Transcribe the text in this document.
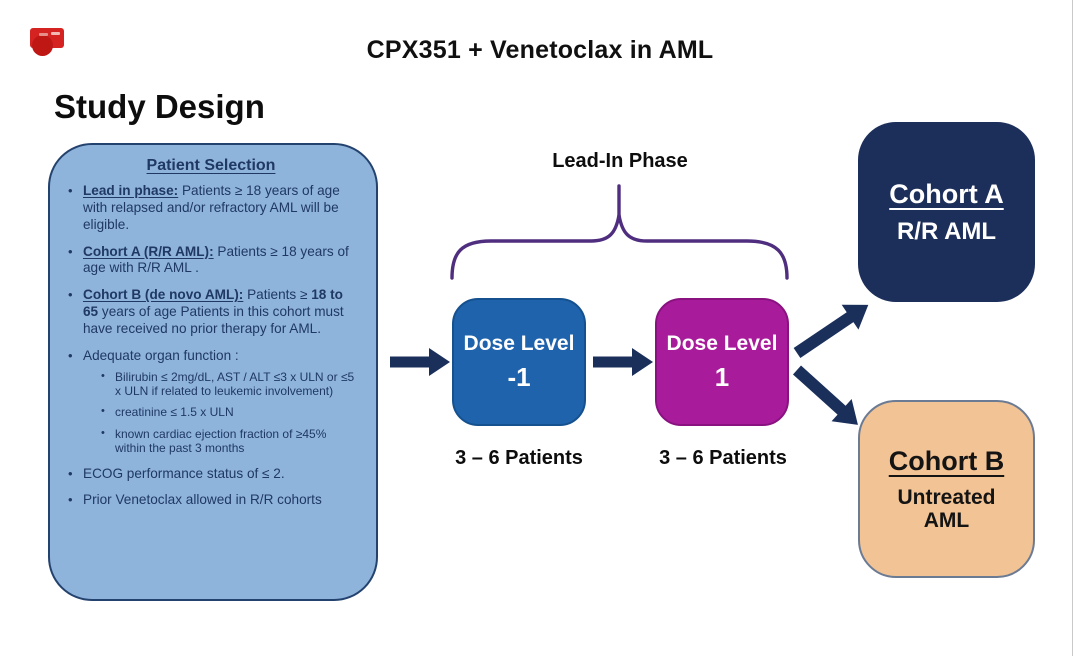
CPX351 + Venetoclax in AML
Study Design
Patient Selection
• Lead in phase: Patients ≥ 18 years of age with relapsed and/or refractory AML will be eligible.
• Cohort A (R/R AML): Patients ≥ 18 years of age with R/R AML .
• Cohort B (de novo AML): Patients ≥ 18 to 65 years of age Patients in this cohort must have received no prior therapy for AML.
• Adequate organ function :
• Bilirubin ≤ 2mg/dL, AST / ALT ≤3 x ULN or ≤5 x ULN if related to leukemic involvement)
• creatinine ≤ 1.5 x ULN
• known cardiac ejection fraction of ≥45% within the past 3 months
• ECOG performance status of ≤ 2.
• Prior Venetoclax allowed in R/R cohorts
Lead-In Phase
Dose Level
-1
Dose Level
1
3 – 6 Patients	3 – 6 Patients
Cohort A
R/R AML
Cohort B
Untreated AML
